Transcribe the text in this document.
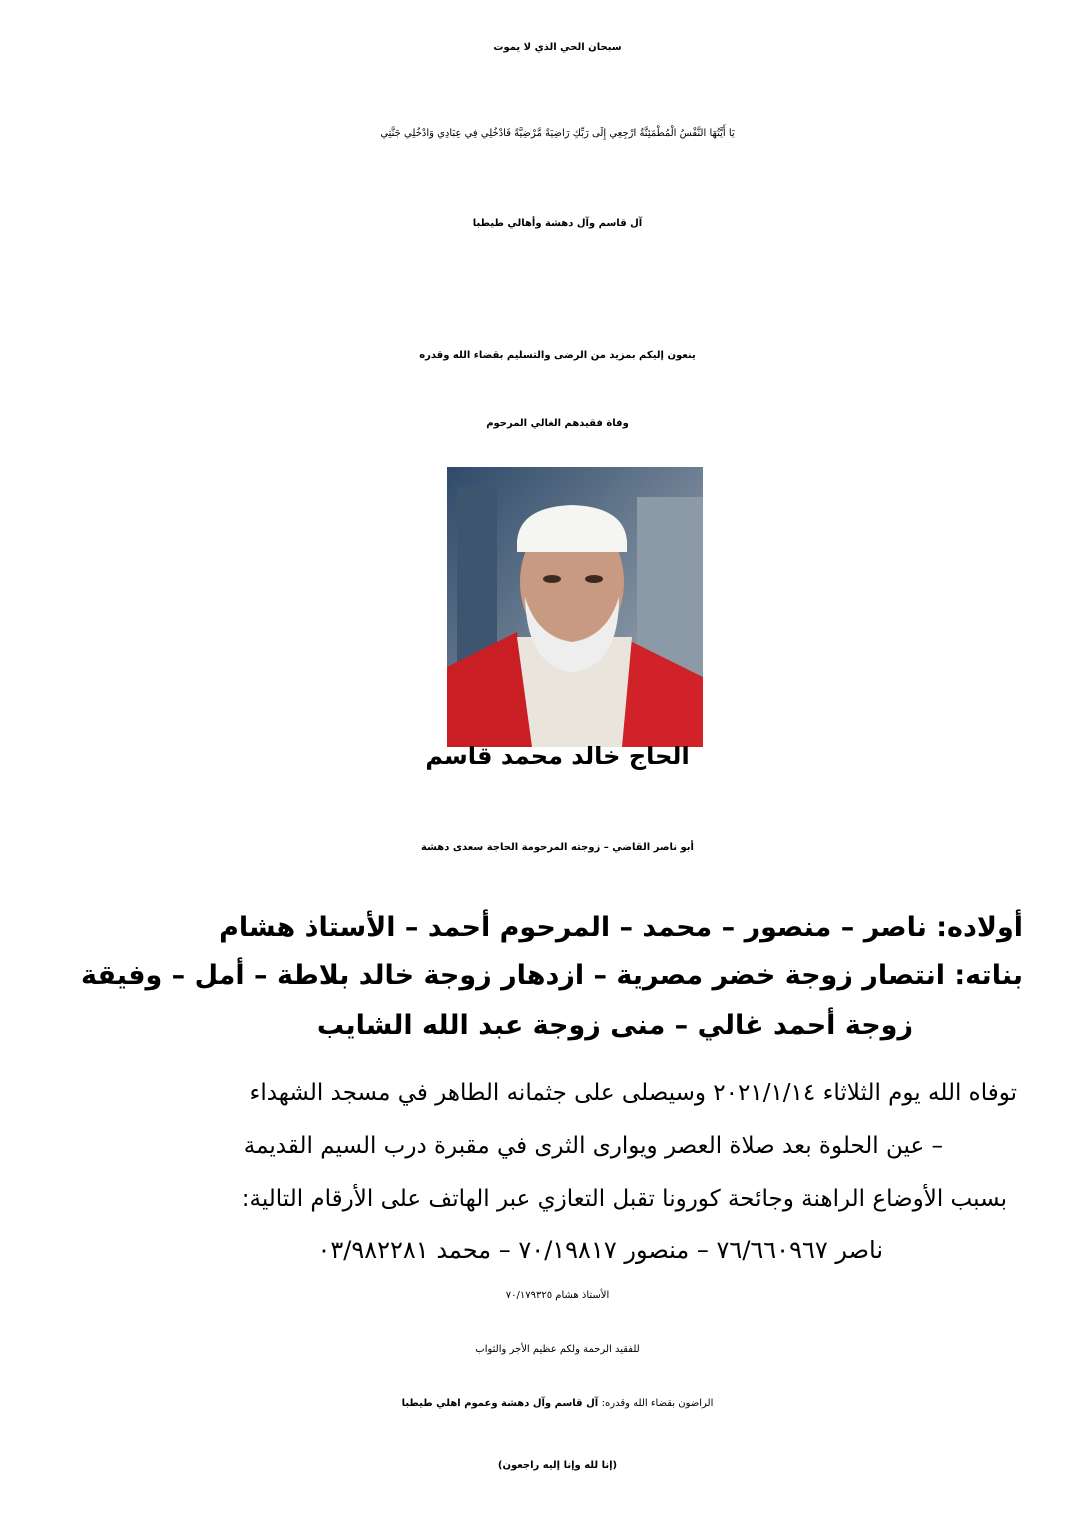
سبحان الحي الذي لا يموت
يَا أَيَّتُهَا النَّفْسُ الْمُطْمَئِنَّةُ ارْجِعِي إِلَى رَبِّكِ رَاضِيَةً مَّرْضِيَّةً فَادْخُلِي فِي عِبَادِي وَادْخُلِي جَنَّتِي
آل قاسم وآل دهشة وأهالي طيطبا
ينعون إليكم بمزيد من الرضى والتسليم بقضاء الله وقدره
وفاة فقيدهم الغالي المرحوم
الحاج خالد محمد قاسم
أبو ناصر القاضي – زوجته المرحومة الحاجة سعدى دهشة
أولاده: ناصر – منصور – محمد – المرحوم أحمد – الأستاذ هشام
بناته: انتصار زوجة خضر مصرية – ازدهار زوجة خالد بلاطة – أمل – وفيقة
زوجة أحمد غالي – منى زوجة عبد الله الشايب
توفاه الله يوم الثلاثاء ٢٠٢١/١/١٤ وسيصلى على جثمانه الطاهر في مسجد الشهداء
– عين الحلوة بعد صلاة العصر ويوارى الثرى في مقبرة درب السيم القديمة
بسبب الأوضاع الراهنة وجائحة كورونا تقبل التعازي عبر الهاتف على الأرقام التالية:
ناصر ٧٦/٦٦٠٩٦٧ – منصور ٧٠/١٩٨١٧ – محمد ٠٣/٩٨٢٢٨١
الأستاذ هشام ٧٠/١٧٩٣٢٥
للفقيد الرحمة ولكم عظيم الأجر والثواب
الراضون بقضاء الله وقدره: آل قاسم وآل دهشة وعموم اهلي طيطبا
(إنا لله وإنا إليه راجعون)
